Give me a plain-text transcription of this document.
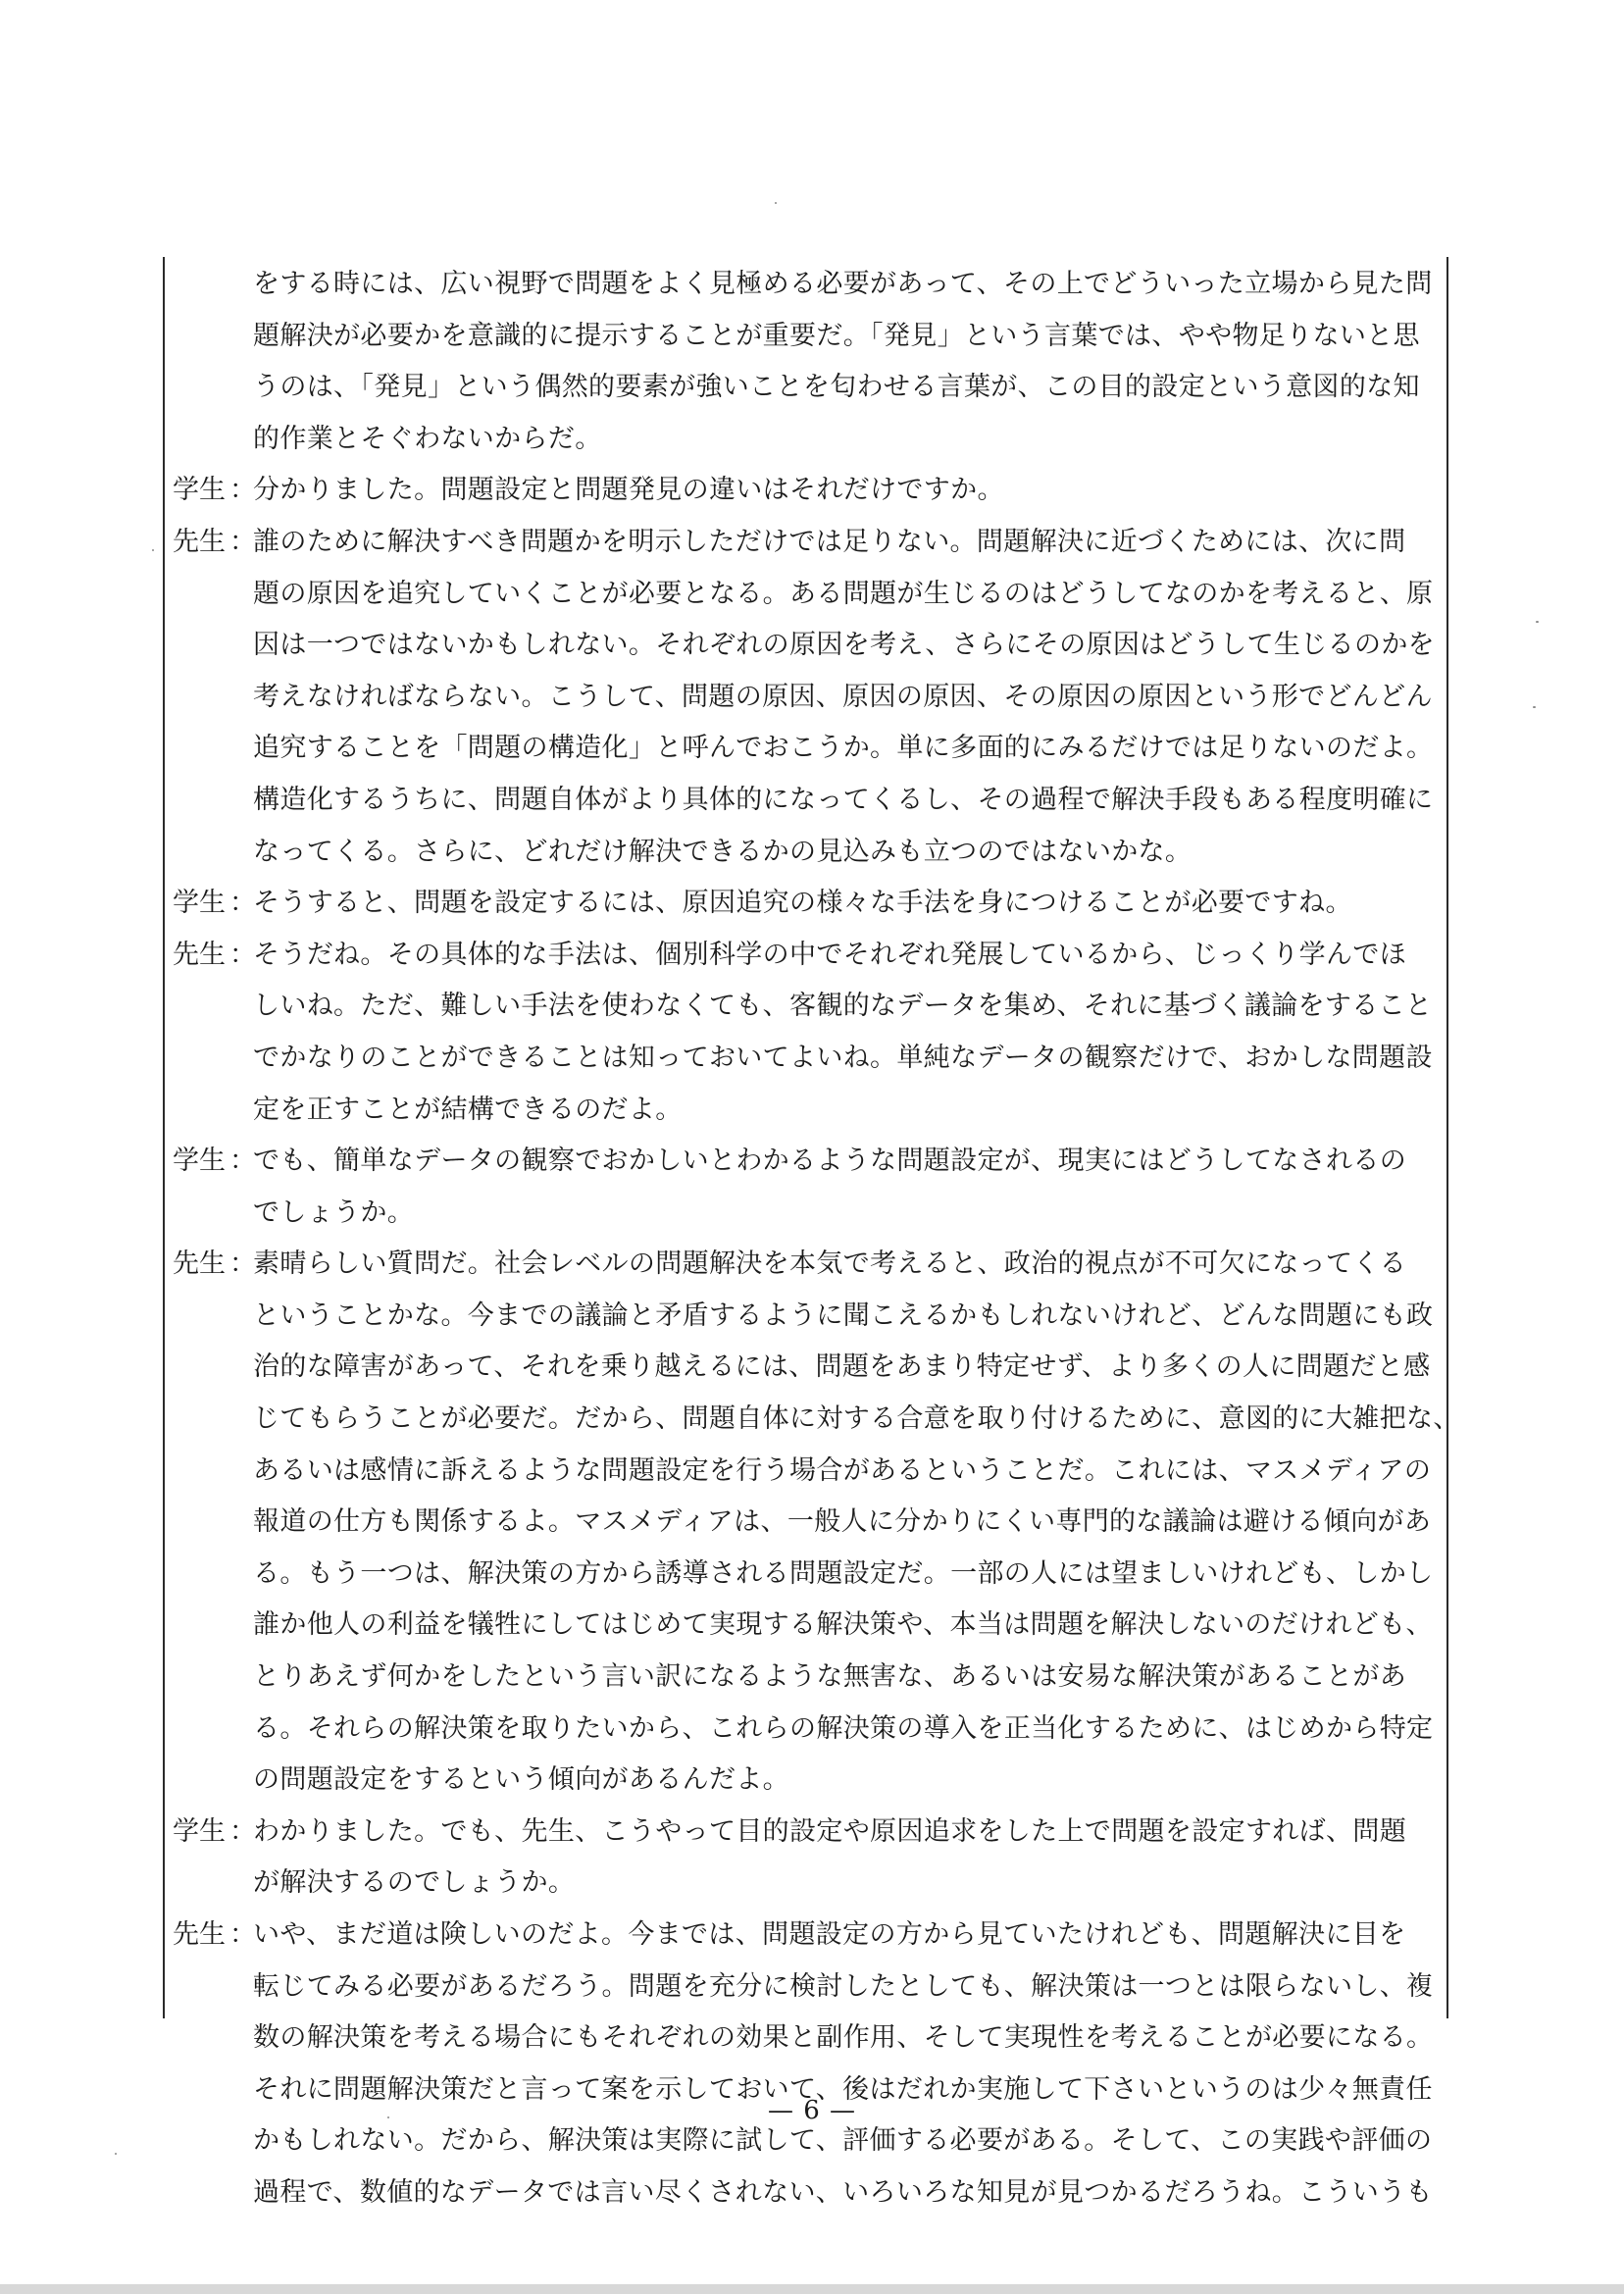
をする時には、広い視野で問題をよく見極める必要があって、その上でどういった立場から見た問
題解決が必要かを意識的に提示することが重要だ。「発見」という言葉では、やや物足りないと思
うのは、「発見」という偶然的要素が強いことを匂わせる言葉が、この目的設定という意図的な知
的作業とそぐわないからだ。
学生 ：
分かりました。問題設定と問題発見の違いはそれだけですか。
先生 ：
誰のために解決すべき問題かを明示しただけでは足りない。問題解決に近づくためには、次に問
題の原因を追究していくことが必要となる。ある問題が生じるのはどうしてなのかを考えると、原
因は一つではないかもしれない。それぞれの原因を考え、さらにその原因はどうして生じるのかを
考えなければならない。こうして、問題の原因、原因の原因、その原因の原因という形でどんどん
追究することを「問題の構造化」と呼んでおこうか。単に多面的にみるだけでは足りないのだよ。
構造化するうちに、問題自体がより具体的になってくるし、その過程で解決手段もある程度明確に
なってくる。さらに、どれだけ解決できるかの見込みも立つのではないかな。
学生 ：
そうすると、問題を設定するには、原因追究の様々な手法を身につけることが必要ですね。
先生 ：
そうだね。その具体的な手法は、個別科学の中でそれぞれ発展しているから、じっくり学んでほ
しいね。ただ、難しい手法を使わなくても、客観的なデータを集め、それに基づく議論をすること
でかなりのことができることは知っておいてよいね。単純なデータの観察だけで、おかしな問題設
定を正すことが結構できるのだよ。
学生 ：
でも、簡単なデータの観察でおかしいとわかるような問題設定が、現実にはどうしてなされるの
でしょうか。
先生 ：
素晴らしい質問だ。社会レベルの問題解決を本気で考えると、政治的視点が不可欠になってくる
ということかな。今までの議論と矛盾するように聞こえるかもしれないけれど、どんな問題にも政
治的な障害があって、それを乗り越えるには、問題をあまり特定せず、より多くの人に問題だと感
じてもらうことが必要だ。だから、問題自体に対する合意を取り付けるために、意図的に大雑把な、
あるいは感情に訴えるような問題設定を行う場合があるということだ。これには、マスメディアの
報道の仕方も関係するよ。マスメディアは、一般人に分かりにくい専門的な議論は避ける傾向があ
る。もう一つは、解決策の方から誘導される問題設定だ。一部の人には望ましいけれども、しかし
誰か他人の利益を犠牲にしてはじめて実現する解決策や、本当は問題を解決しないのだけれども、
とりあえず何かをしたという言い訳になるような無害な、あるいは安易な解決策があることがあ
る。それらの解決策を取りたいから、これらの解決策の導入を正当化するために、はじめから特定
の問題設定をするという傾向があるんだよ。
学生 ：
わかりました。でも、先生、こうやって目的設定や原因追求をした上で問題を設定すれば、問題
が解決するのでしょうか。
先生 ：
いや、まだ道は険しいのだよ。今までは、問題設定の方から見ていたけれども、問題解決に目を
転じてみる必要があるだろう。問題を充分に検討したとしても、解決策は一つとは限らないし、複
数の解決策を考える場合にもそれぞれの効果と副作用、そして実現性を考えることが必要になる。
それに問題解決策だと言って案を示しておいて、後はだれか実施して下さいというのは少々無責任
かもしれない。だから、解決策は実際に試して、評価する必要がある。そして、この実践や評価の
過程で、数値的なデータでは言い尽くされない、いろいろな知見が見つかるだろうね。こういうも
— 6 —
